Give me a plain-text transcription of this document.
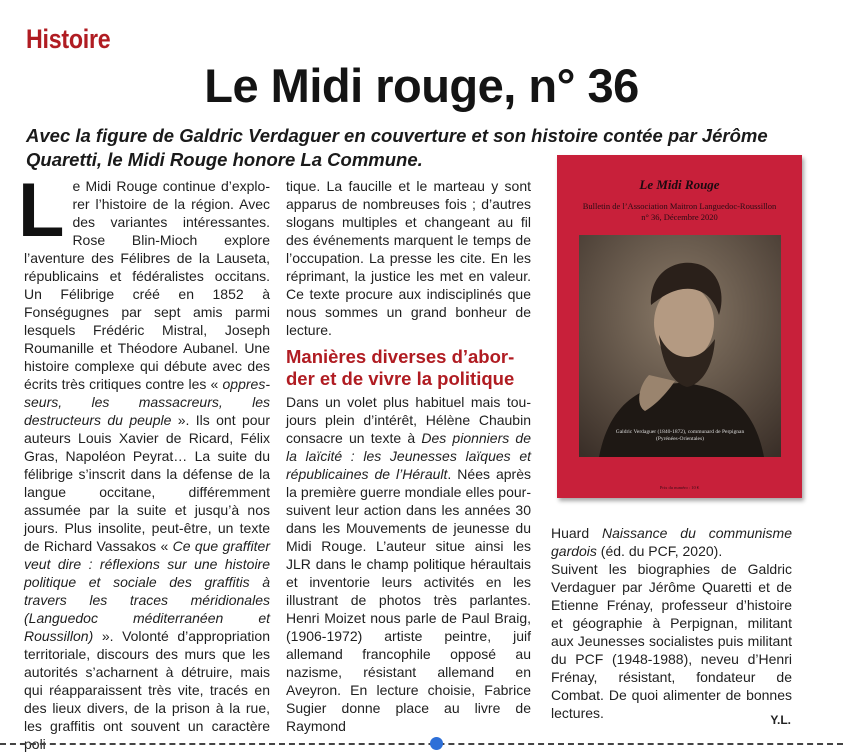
Histoire
Le Midi rouge, n° 36
Avec la figure de Galdric Verdaguer en couverture et son histoire contée par Jérôme Quaretti, le Midi Rouge honore La Commune.
L e Midi Rouge continue d’explorer l’histoire de la région. Avec des variantes intéressantes. Rose Blin-Mioch explore l’aventure des Félibres de la Lauseta, républicains et fédéralistes occitans. Un Félibrige créé en 1852 à Fonségugnes par sept amis parmi lesquels Frédéric Mistral, Joseph Roumanille et Théodore Aubanel. Une histoire complexe qui débute avec des écrits très critiques contre les « oppresseurs, les massacreurs, les destructeurs du peuple ». Ils ont pour auteurs Louis Xavier de Ricard, Félix Gras, Napoléon Peyrat… La suite du félibrige s’inscrit dans la défense de la langue occitane, différemment assumée par la suite et jusqu’à nos jours. Plus insolite, peut-être, un texte de Richard Vassakos « Ce que graffiter veut dire : réflexions sur une histoire politique et sociale des graffitis à travers les traces méridionales (Languedoc méditerranéen et Roussillon) ». Volonté d’appropriation territoriale, discours des murs que les autorités s’acharnent à détruire, mais qui réapparaissent très vite, tracés en des lieux divers, de la prison à la rue, les graffitis ont souvent un caractère poli

tique. La faucille et le marteau y sont apparus de nombreuses fois ; d’autres slogans multiples et changeant au fil des événements marquent le temps de l’occupation. La presse les cite. En les réprimant, la justice les met en valeur. Ce texte procure aux indisciplinés que nous sommes un grand bonheur de lecture.

Manières diverses d’aborder et de vivre la politique

Dans un volet plus habituel mais toujours plein d’intérêt, Hélène Chaubin consacre un texte à Des pionniers de la laïcité : les Jeunesses laïques et républicaines de l’Hérault. Nées après la première guerre mondiale elles poursuivent leur action dans les années 30 dans les Mouvements de jeunesse du Midi Rouge. L’auteur situe ainsi les JLR dans le champ politique héraultais et inventorie leurs activités en les illustrant de photos très parlantes. Henri Moizet nous parle de Paul Braig, (1906-1972) artiste peintre, juif allemand francophile opposé au nazisme, résistant allemand en Aveyron. En lecture choisie, Fabrice Sugier donne place au livre de Raymond

Le Midi Rouge
Bulletin de l’Association Maitron Languedoc-Roussillon
n° 36, Décembre 2020
Galdric Verdaguer (1840-1872), communard de Perpignan
(Pyrénées-Orientales)
Prix du numéro : 10 €

Huard Naissance du communisme gardois (éd. du PCF, 2020).
Suivent les biographies de Galdric Verdaguer par Jérôme Quaretti et de Etienne Frénay, professeur d’histoire et géographie à Perpignan, militant aux Jeunesses socialistes puis militant du PCF (1948-1988), neveu d’Henri Frénay, résistant, fondateur de Combat. De quoi alimenter de bonnes lectures.	Y.L.
